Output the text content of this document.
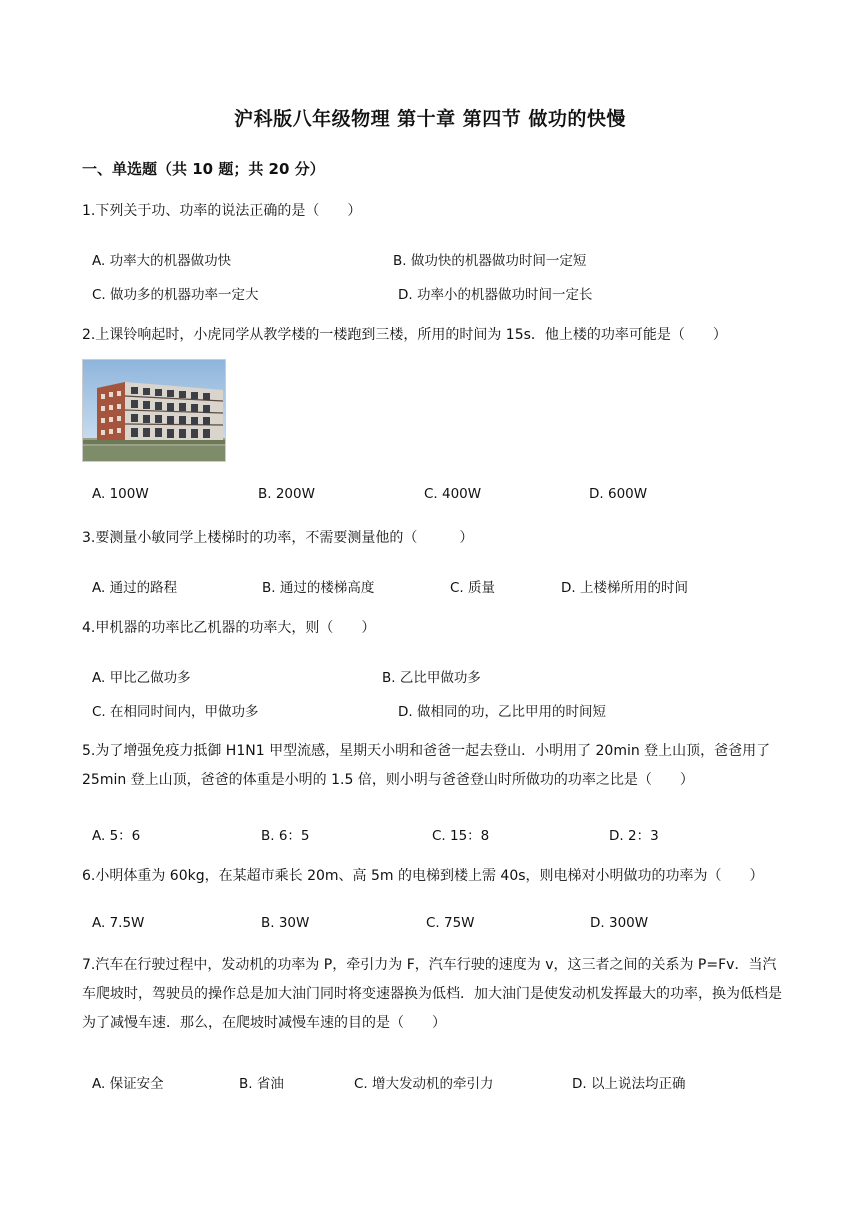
沪科版八年级物理 第十章 第四节 做功的快慢
一、单选题（共 10 题；共 20 分）
1.下列关于功、功率的说法正确的是（　　）
A. 功率大的机器做功快	B. 做功快的机器做功时间一定短
C. 做功多的机器功率一定大	D. 功率小的机器做功时间一定长
2.上课铃响起时，小虎同学从教学楼的一楼跑到三楼，所用的时间为 15s．他上楼的功率可能是（　　）
A. 100W	B. 200W	C. 400W	D. 600W
3.要测量小敏同学上楼梯时的功率，不需要测量他的（　　　）
A. 通过的路程	B. 通过的楼梯高度	C. 质量	D. 上楼梯所用的时间
4.甲机器的功率比乙机器的功率大，则（　　）
A. 甲比乙做功多	B. 乙比甲做功多
C. 在相同时间内，甲做功多	D. 做相同的功，乙比甲用的时间短
5.为了增强免疫力抵御 H1N1 甲型流感，星期天小明和爸爸一起去登山．小明用了 20min 登上山顶，爸爸用了 25min 登上山顶，爸爸的体重是小明的 1.5 倍，则小明与爸爸登山时所做功的功率之比是（　　）
A. 5：6	B. 6：5	C. 15：8	D. 2：3
6.小明体重为 60kg，在某超市乘长 20m、高 5m 的电梯到楼上需 40s，则电梯对小明做功的功率为（　　）
A. 7.5W	B. 30W	C. 75W	D. 300W
7.汽车在行驶过程中，发动机的功率为 P，牵引力为 F，汽车行驶的速度为 v，这三者之间的关系为 P=Fv．当汽车爬坡时，驾驶员的操作总是加大油门同时将变速器换为低档．加大油门是使发动机发挥最大的功率，换为低档是为了减慢车速．那么，在爬坡时减慢车速的目的是（　　）
A. 保证安全	B. 省油	C. 增大发动机的牵引力	D. 以上说法均正确
